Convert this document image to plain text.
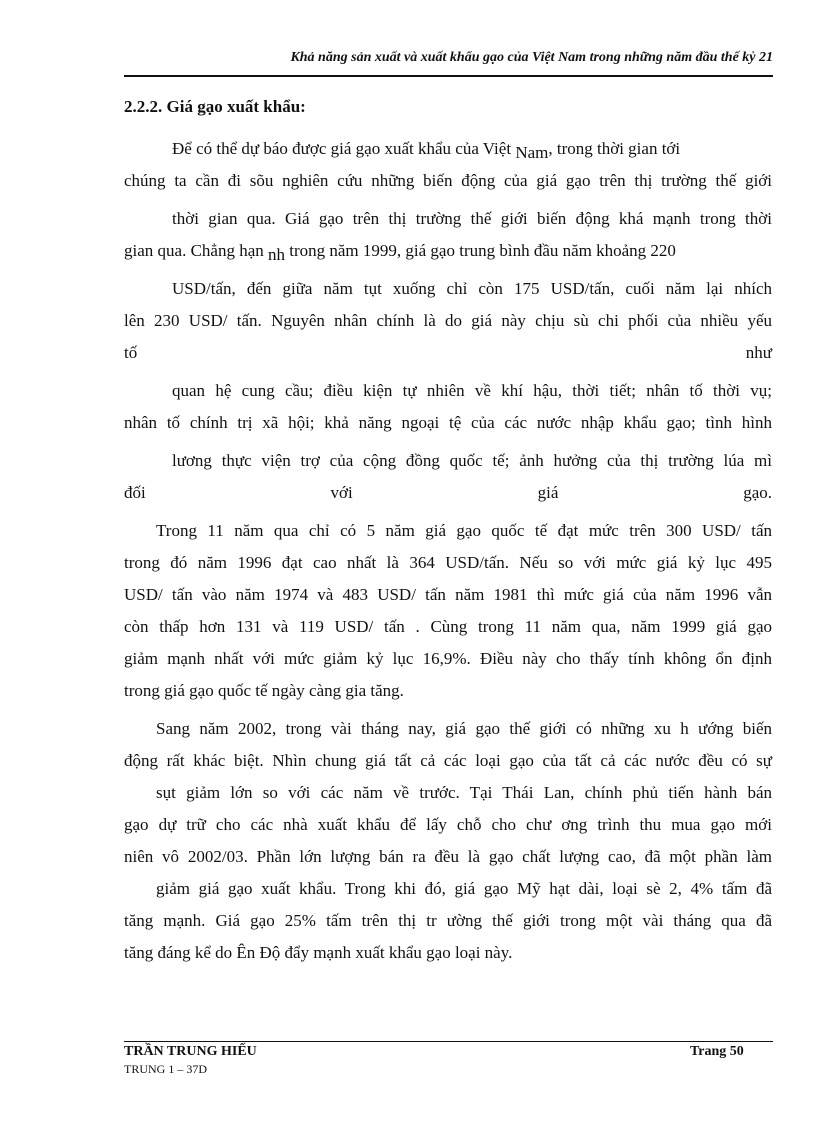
Khả năng sản xuất và xuất khẩu gạo của Việt Nam trong những năm đầu thế kỷ 21
2.2.2. Giá gạo xuất khẩu:
Để có thể dự báo được giá gạo xuất khẩu của Việt Nam, trong thời gian tới
chúng ta cần đi sõu nghiên cứu những biến động của giá gạo trên thị trường thế giới
thời gian qua. Giá gạo trên thị trường thế giới biến động khá mạnh trong thời
gian qua. Chẳng hạn nh trong năm 1999, giá gạo trung bình đầu năm khoảng 220
USD/tấn, đến giữa năm tụt xuống chỉ còn 175 USD/tấn, cuối năm lại nhích
lên 230 USD/ tấn. Nguyên nhân chính là do giá này chịu sù chi phối của nhiều yếu
tố	như
quan hệ cung cầu; điều kiện tự nhiên về khí hậu, thời tiết; nhân tố thời vụ;
nhân tố chính trị xã hội; khả năng ngoại tệ của các nước nhập khẩu gạo; tình hình
lương thực viện trợ của cộng đồng quốc tế; ảnh hưởng của thị trường lúa mì
đối với giá gạo.
Trong 11 năm qua chỉ có 5 năm giá gạo quốc tế đạt mức trên 300 USD/ tấn
trong đó năm 1996 đạt cao nhất là 364 USD/tấn. Nếu so với mức giá kỷ lục 495
USD/ tấn vào năm 1974 và 483 USD/ tấn năm 1981 thì mức giá của năm 1996 vẫn
còn thấp hơn 131 và 119 USD/ tấn . Cùng trong 11 năm qua, năm 1999 giá gạo
giảm mạnh nhất với mức giảm kỷ lục 16,9%. Điều này cho thấy tính không ổn định
trong giá gạo quốc tế ngày càng gia tăng.
Sang năm 2002, trong vài tháng nay, giá gạo thế giới có những xu h ướng biến
động rất khác biệt. Nhìn chung giá tất cả các loại gạo của tất cả các nước đều có sự
sụt giảm lớn so với các năm về trước. Tại Thái Lan, chính phủ tiến hành bán
gạo dự trữ cho các nhà xuất khẩu để lấy chỗ cho chư ơng trình thu mua gạo mới
niên vô 2002/03. Phần lớn lượng bán ra đều là gạo chất lượng cao, đã một phần làm
giảm giá gạo xuất khẩu. Trong khi đó, giá gạo Mỹ hạt dài, loại sè 2, 4% tấm đã
tăng mạnh. Giá gạo 25% tấm trên thị tr ường thế giới trong một vài tháng qua đã
tăng đáng kể do Ên Độ đẩy mạnh xuất khẩu gạo loại này.
TRẦN TRUNG HIẾU
TRUNG 1 – 37D
Trang 50
